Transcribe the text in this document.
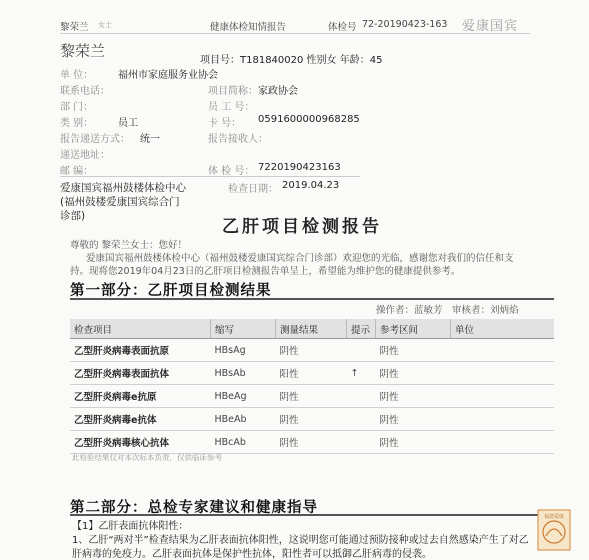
黎荣兰 女士	健康体检知情报告	体检号 72-20190423-163 爱康国宾
黎荣兰
项目号：T181840020 性别女 年龄：45
单 位： 福州市家庭服务业协会
联系电话：
部 门：
类 别： 员工
报告递送方式： 统一
递送地址：
邮 编：
项目简称： 家政协会
员 工 号：
卡 号： 0591600000968285
报告接收人：
体 检 号： 7220190423163
爱康国宾福州鼓楼体检中心
(福州鼓楼爱康国宾综合门
诊部)
检查日期： 2019.04.23
乙肝项目检测报告
尊敬的 黎荣兰女士：您好！
爱康国宾福州鼓楼体检中心（福州鼓楼爱康国宾综合门诊部）欢迎您的光临，感谢您对我们的信任和支
持。现将您2019年04月23日的乙肝项目检测报告单呈上，希望能为维护您的健康提供参考。
第一部分：乙肝项目检测结果
操作者：蓝敏芳 审核者：刘炳焰
检查项目	缩写	测量结果	提示	参考区间	单位
乙型肝炎病毒表面抗原	HBsAg	阴性		阴性	
乙型肝炎病毒表面抗体	HBsAb	阳性	↑	阴性	
乙型肝炎病毒e抗原	HBeAg	阴性		阴性	
乙型肝炎病毒e抗体	HBeAb	阴性		阴性	
乙型肝炎病毒核心抗体	HBcAb	阴性		阴性	
此检验结果仅对本次标本负责，仅供临床参考
第二部分：总检专家建议和健康指导
【1】乙肝表面抗体阳性：
1、乙肝“两对半”检查结果为乙肝表面抗体阳性，这说明您可能通过预防接种或过去自然感染产生了对乙
肝病毒的免疫力。乙肝表面抗体是保护性抗体，阳性者可以抵御乙肝病毒的侵袭。
福建爱康
